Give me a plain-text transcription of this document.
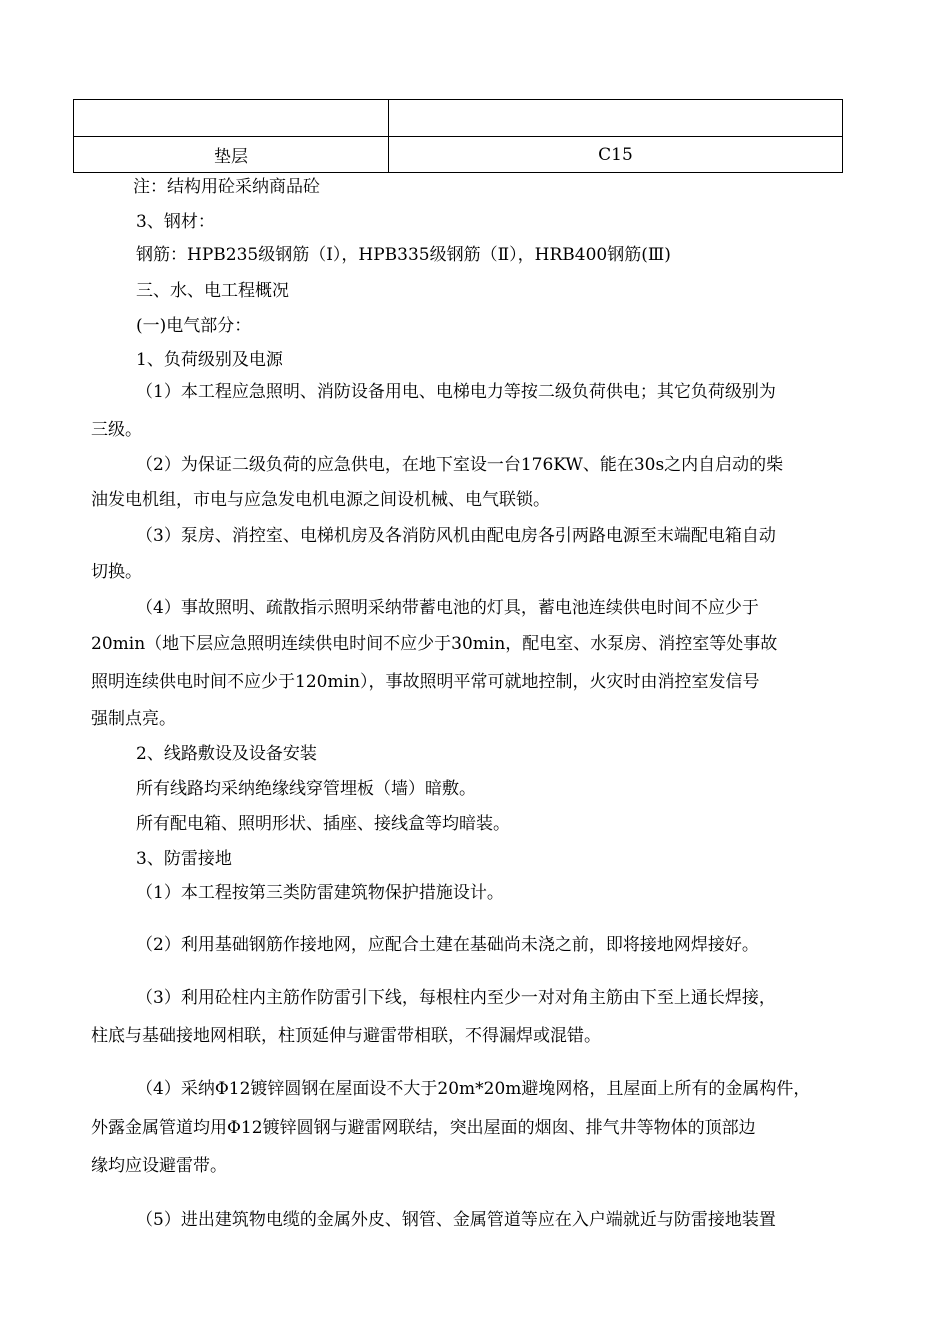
垫层	C15
注：结构用砼采纳商品砼
3、钢材：
钢筋：HPB235级钢筋（Ⅰ），HPB335级钢筋（Ⅱ），HRB400钢筋(Ⅲ)
三、水、电工程概况
(一)电气部分：
1、负荷级别及电源
（1）本工程应急照明、消防设备用电、电梯电力等按二级负荷供电；其它负荷级别为
三级。
（2）为保证二级负荷的应急供电，在地下室设一台176KW、能在30s之内自启动的柴
油发电机组，市电与应急发电机电源之间设机械、电气联锁。
（3）泵房、消控室、电梯机房及各消防风机由配电房各引两路电源至末端配电箱自动
切换。
（4）事故照明、疏散指示照明采纳带蓄电池的灯具，蓄电池连续供电时间不应少于
20min（地下层应急照明连续供电时间不应少于30min，配电室、水泵房、消控室等处事故
照明连续供电时间不应少于120min），事故照明平常可就地控制，火灾时由消控室发信号
强制点亮。
2、线路敷设及设备安装
所有线路均采纳绝缘线穿管埋板（墙）暗敷。
所有配电箱、照明形状、插座、接线盒等均暗装。
3、防雷接地
（1）本工程按第三类防雷建筑物保护措施设计。
（2）利用基础钢筋作接地网，应配合土建在基础尚未浇之前，即将接地网焊接好。
（3）利用砼柱内主筋作防雷引下线，每根柱内至少一对对角主筋由下至上通长焊接，
柱底与基础接地网相联，柱顶延伸与避雷带相联，不得漏焊或混错。
（4）采纳Φ12镀锌圆钢在屋面设不大于20m*20m避堍网格，且屋面上所有的金属构件，
外露金属管道均用Φ12镀锌圆钢与避雷网联结，突出屋面的烟囱、排气井等物体的顶部边
缘均应设避雷带。
（5）进出建筑物电缆的金属外皮、钢管、金属管道等应在入户端就近与防雷接地装置
